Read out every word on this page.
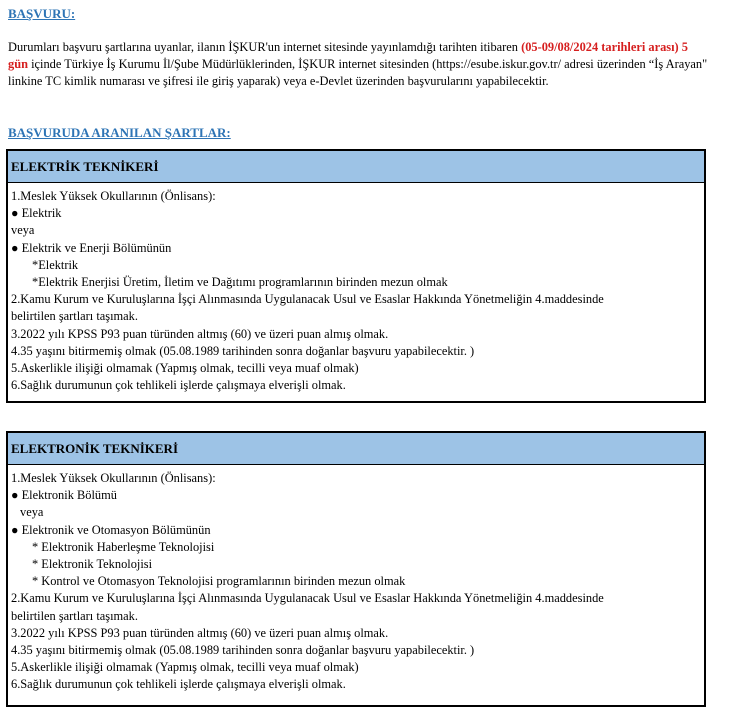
BAŞVURU:
Durumları başvuru şartlarına uyanlar, ilanın İŞKUR'un internet sitesinde yayınlamdığı tarihten itibaren (05-09/08/2024 tarihleri arası) 5 gün içinde Türkiye İş Kurumu İl/Şube Müdürlüklerinden, İŞKUR internet sitesinden (https://esube.iskur.gov.tr/ adresi üzerinden “İş Arayan" linkine TC kimlik numarası ve şifresi ile giriş yaparak) veya e-Devlet üzerinden başvurularını yapabilecektir.
BAŞVURUDA ARANILAN ŞARTLAR:
ELEKTRİK TEKNİKERİ
1.Meslek Yüksek Okullarının (Önlisans):
● Elektrik
veya
● Elektrik ve Enerji Bölümünün
*Elektrik
*Elektrik Enerjisi Üretim, İletim ve Dağıtımı programlarının birinden mezun olmak
2.Kamu Kurum ve Kuruluşlarına İşçi Alınmasında Uygulanacak Usul ve Esaslar Hakkında Yönetmeliğin 4.maddesinde
belirtilen şartları taşımak.
3.2022 yılı KPSS P93 puan türünden altmış (60) ve üzeri puan almış olmak.
4.35 yaşını bitirmemiş olmak (05.08.1989 tarihinden sonra doğanlar başvuru yapabilecektir. )
5.Askerlikle ilişiği olmamak (Yapmış olmak, tecilli veya muaf olmak)
6.Sağlık durumunun çok tehlikeli işlerde çalışmaya elverişli olmak.
ELEKTRONİK TEKNİKERİ
1.Meslek Yüksek Okullarının (Önlisans):
● Elektronik Bölümü
veya
● Elektronik ve Otomasyon Bölümünün
* Elektronik Haberleşme Teknolojisi
* Elektronik Teknolojisi
* Kontrol ve Otomasyon Teknolojisi programlarının birinden mezun olmak
2.Kamu Kurum ve Kuruluşlarına İşçi Alınmasında Uygulanacak Usul ve Esaslar Hakkında Yönetmeliğin 4.maddesinde
belirtilen şartları taşımak.
3.2022 yılı KPSS P93 puan türünden altmış (60) ve üzeri puan almış olmak.
4.35 yaşını bitirmemiş olmak (05.08.1989 tarihinden sonra doğanlar başvuru yapabilecektir. )
5.Askerlikle ilişiği olmamak (Yapmış olmak, tecilli veya muaf olmak)
6.Sağlık durumunun çok tehlikeli işlerde çalışmaya elverişli olmak.
